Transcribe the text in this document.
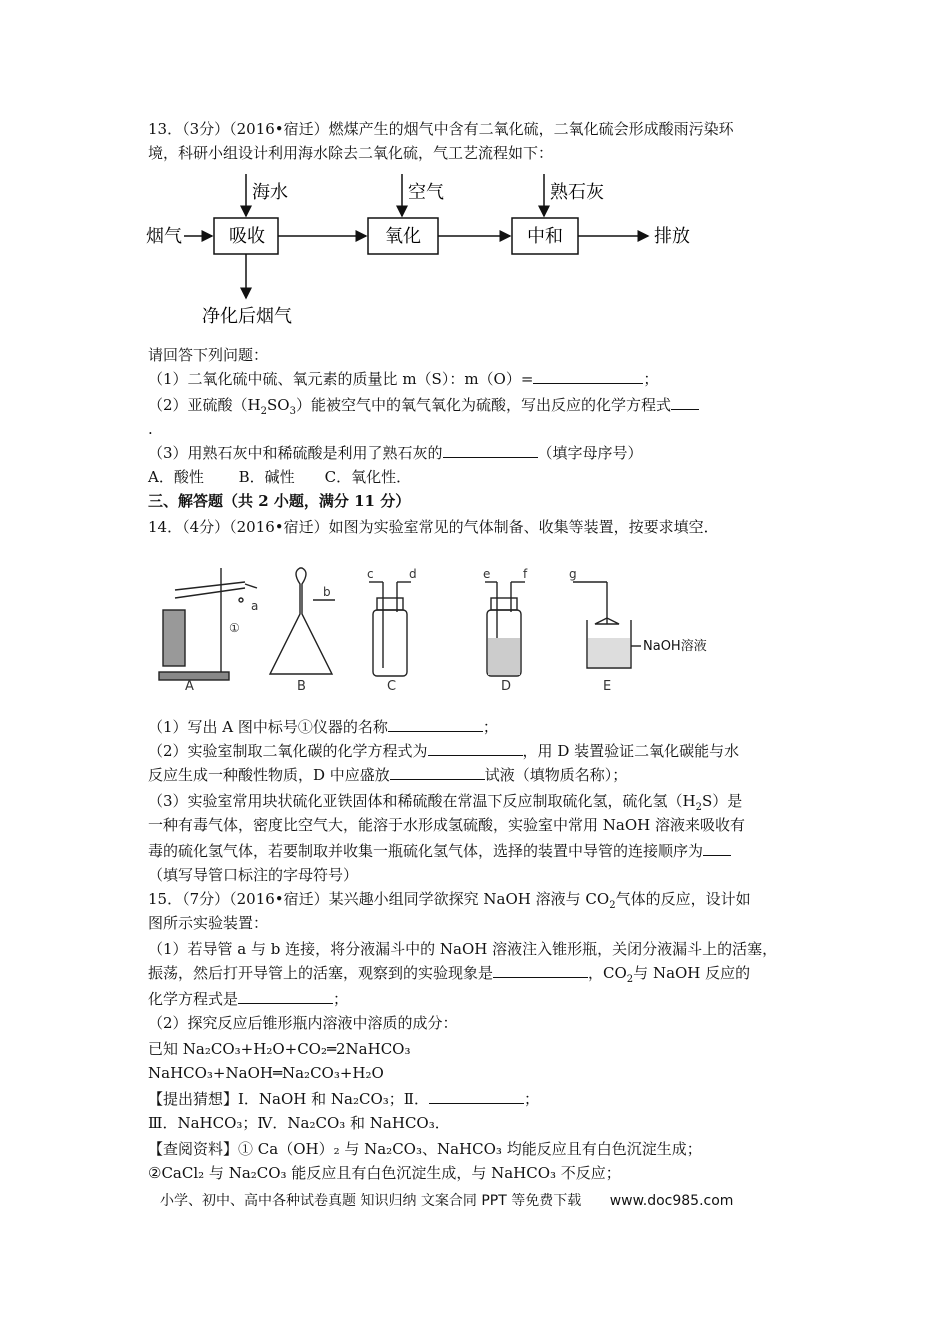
13．（3分）（2016•宿迁）燃煤产生的烟气中含有二氧化硫，二氧化硫会形成酸雨污染环
境，科研小组设计利用海水除去二氧化硫，气工艺流程如下：
烟气	吸收
海水
净化后烟气
氧化
空气
中和
熟石灰
排放
请回答下列问题：
（1）二氧化硫中硫、氧元素的质量比 m（S）：m（O）=	；
（2）亚硫酸$(H_2SO_3)$能被空气中的氧气氧化为硫酸，写出反应的化学方程式
.
（3）用熟石灰中和稀硫酸是利用了熟石灰的	（填字母序号）
A．酸性　　 B．碱性　　C．氧化性．
三、解答题（共 2 小题，满分 11 分）
14．（4分）（2016•宿迁）如图为实验室常见的气体制备、收集等装置，按要求填空．
a
b
c	d	e	f	g
①
NaOH溶液
A	B	C	D	E
（1）写出 A 图中标号①仪器的名称	；
（2）实验室制取二氧化碳的化学方程式为	，用 D 装置验证二氧化碳能与水
反应生成一种酸性物质，D 中应盛放	试液（填物质名称）；
（3）实验室常用块状硫化亚铁固体和稀硫酸在常温下反应制取硫化氢，硫化氢$(H_2S)$是
一种有毒气体，密度比空气大，能溶于水形成氢硫酸，实验室中常用 NaOH 溶液来吸收有
毒的硫化氢气体，若要制取并收集一瓶硫化氢气体，选择的装置中导管的连接顺序为
（填写导管口标注的字母符号）
15．（7分）（2016•宿迁）某兴趣小组同学欲探究 NaOH 溶液与 $CO_2$气体的反应，设计如
图所示实验装置：
（1）若导管 a 与 b 连接，将分液漏斗中的 NaOH 溶液注入锥形瓶，关闭分液漏斗上的活塞，
振荡，然后打开导管上的活塞，观察到的实验现象是	，$CO_2$与 NaOH 反应的
化学方程式是	；
（2）探究反应后锥形瓶内溶液中溶质的成分：
已知 Na₂CO₃+H₂O+CO₂═2NaHCO₃
NaHCO₃+NaOH═Na₂CO₃+H₂O
【提出猜想】Ⅰ．NaOH 和 Na₂CO₃；Ⅱ．	；
Ⅲ．NaHCO₃；Ⅳ．Na₂CO₃ 和 NaHCO₃．
【查阅资料】① Ca（OH）₂ 与 Na₂CO₃、NaHCO₃ 均能反应且有白色沉淀生成；
②CaCl₂ 与 Na₂CO₃ 能反应且有白色沉淀生成，与 NaHCO₃ 不反应；
小学、初中、高中各种试卷真题 知识归纳 文案合同 PPT 等免费下载 www.doc985.com
